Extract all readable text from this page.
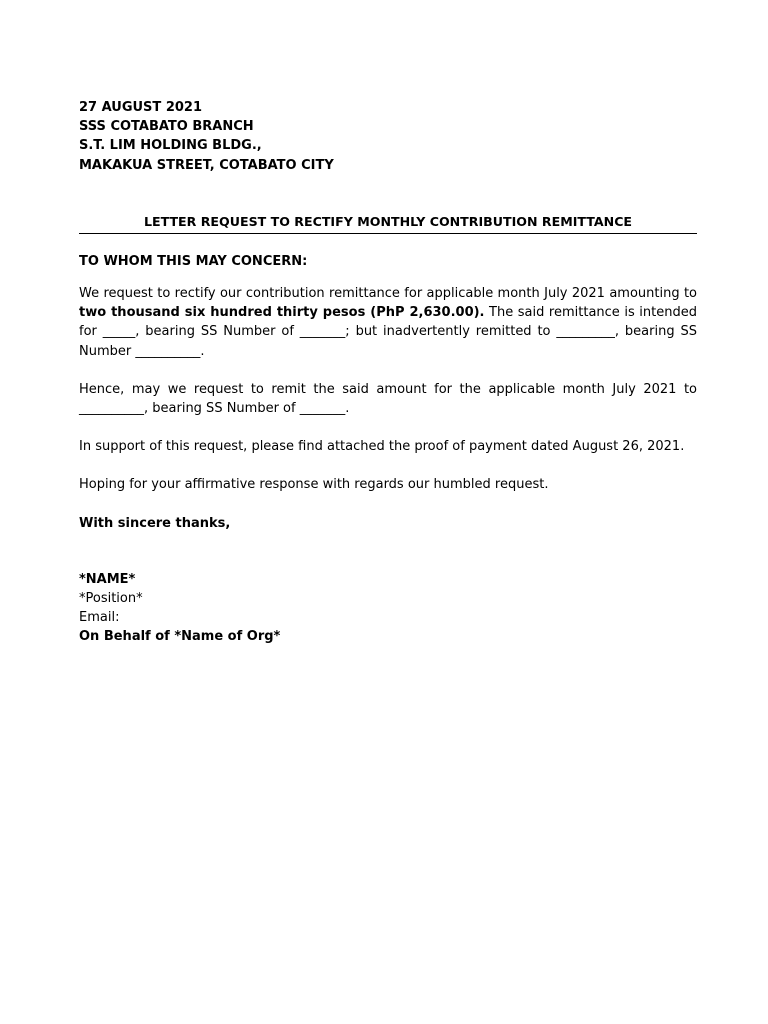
27 AUGUST 2021
SSS COTABATO BRANCH
S.T. LIM HOLDING BLDG.,
MAKAKUA STREET, COTABATO CITY
LETTER REQUEST TO RECTIFY MONTHLY CONTRIBUTION REMITTANCE
TO WHOM THIS MAY CONCERN:

We request to rectify our contribution remittance for applicable month July 2021 amounting to two thousand six hundred thirty pesos (PhP 2,630.00). The said remittance is intended for _____, bearing SS Number of _______; but inadvertently remitted to _________, bearing SS Number __________.

Hence, may we request to remit the said amount for the applicable month July 2021 to __________, bearing SS Number of _______.

In support of this request, please find attached the proof of payment dated August 26, 2021.

Hoping for your affirmative response with regards our humbled request.

With sincere thanks,
*NAME*
*Position*
Email:
On Behalf of *Name of Org*
